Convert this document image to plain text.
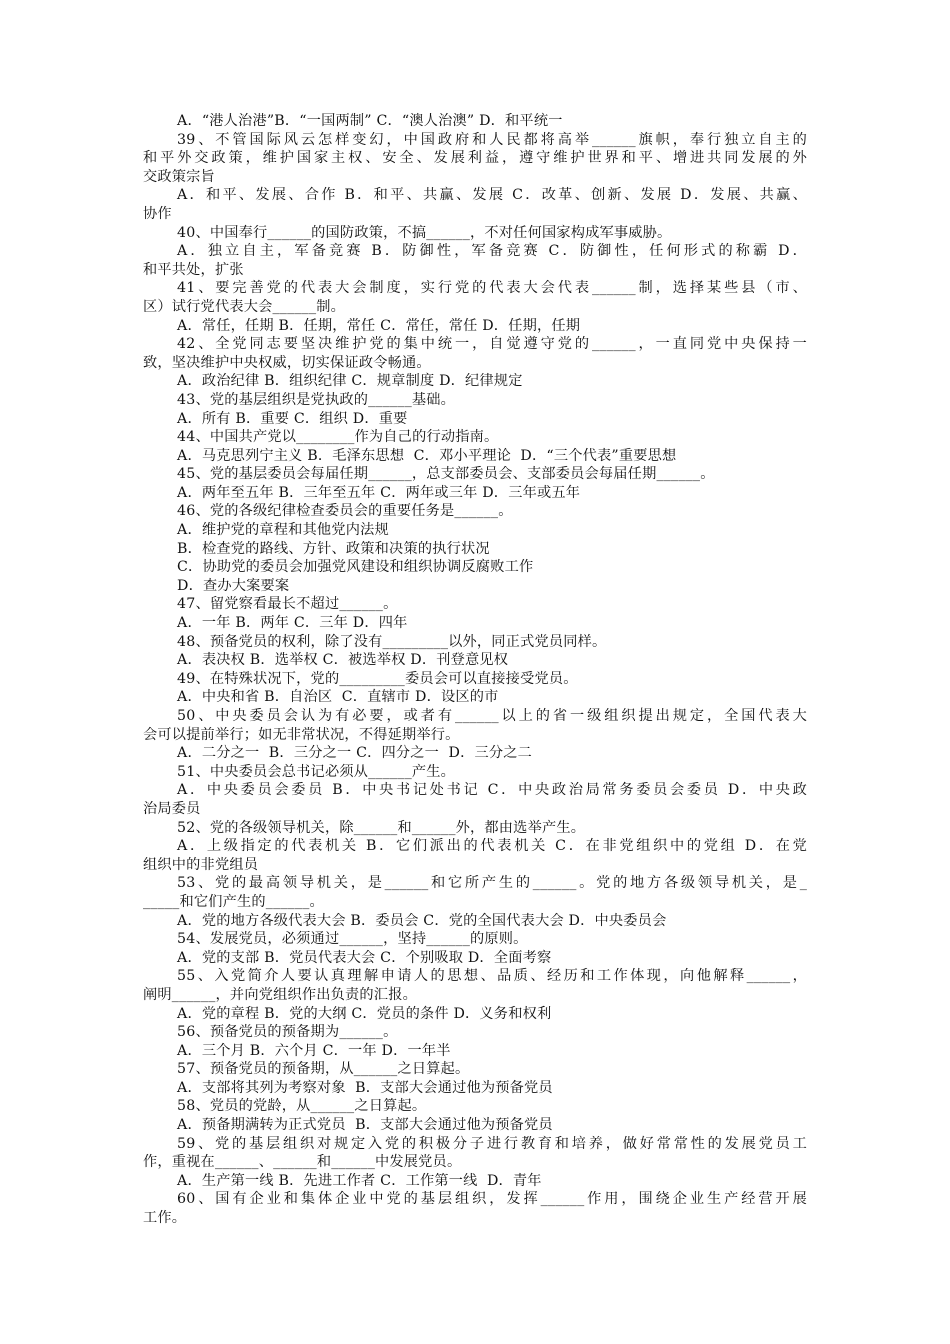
A．“港人治港”B．“一国两制” C．“澳人治澳” D．和平统一
39、不管国际风云怎样变幻，中国政府和人民都将高举______旗帜，奉行独立自主的
和平外交政策，维护国家主权、安全、发展利益，遵守维护世界和平、增进共同发展的外
交政策宗旨
A．和平、发展、合作 B．和平、共赢、发展 C．改革、创新、发展 D．发展、共赢、
协作
40、中国奉行______的国防政策，不搞______，不对任何国家构成军事威胁。
A．独立自主，军备竞赛 B．防御性，军备竞赛 C．防御性，任何形式的称霸 D．
和平共处，扩张
41、要完善党的代表大会制度，实行党的代表大会代表______制，选择某些县（市、
区）试行党代表大会______制。
A．常任，任期 B．任期，常任 C．常任，常任 D．任期，任期
42、全党同志要坚决维护党的集中统一，自觉遵守党的______，一直同党中央保持一
致，坚决维护中央权威，切实保证政令畅通。
A．政治纪律 B．组织纪律 C．规章制度 D．纪律规定
43、党的基层组织是党执政的______基础。
A．所有 B．重要 C．组织 D．重要
44、中国共产党以________作为自己的行动指南。
A．马克思列宁主义 B．毛泽东思想  C．邓小平理论  D．“三个代表”重要思想
45、党的基层委员会每届任期______，总支部委员会、支部委员会每届任期______。
A．两年至五年 B．三年至五年 C．两年或三年 D．三年或五年
46、党的各级纪律检查委员会的重要任务是______。
A．维护党的章程和其他党内法规
B．检查党的路线、方针、政策和决策的执行状况
C．协助党的委员会加强党风建设和组织协调反腐败工作
D．查办大案要案
47、留党察看最长不超过______。
A．一年 B．两年 C．三年 D．四年
48、预备党员的权利，除了没有_________以外，同正式党员同样。
A．表决权 B．选举权 C．被选举权 D．刊登意见权
49、在特殊状况下，党的_________委员会可以直接接受党员。
A．中央和省 B．自治区  C．直辖市 D．设区的市
50、中央委员会认为有必要，或者有______以上的省一级组织提出规定，全国代表大
会可以提前举行；如无非常状况，不得延期举行。
A．二分之一  B．三分之一 C．四分之一  D．三分之二
51、中央委员会总书记必须从______产生。
A．中央委员会委员 B．中央书记处书记 C．中央政治局常务委员会委员 D．中央政
治局委员
52、党的各级领导机关，除______和______外，都由选举产生。
A．上级指定的代表机关 B．它们派出的代表机关 C．在非党组织中的党组 D．在党
组织中的非党组员
53、党的最高领导机关，是______和它所产生的______。党的地方各级领导机关，是_
_____和它们产生的______。
A．党的地方各级代表大会 B．委员会 C．党的全国代表大会 D．中央委员会
54、发展党员，必须通过______，坚持______的原则。
A．党的支部 B．党员代表大会 C．个别吸取 D．全面考察
55、入党简介人要认真理解申请人的思想、品质、经历和工作体现，向他解释______，
阐明______，并向党组织作出负责的汇报。
A．党的章程 B．党的大纲 C．党员的条件 D．义务和权利
56、预备党员的预备期为______。
A．三个月 B．六个月 C．一年 D．一年半
57、预备党员的预备期，从______之日算起。
A．支部将其列为考察对象  B．支部大会通过他为预备党员
58、党员的党龄，从______之日算起。
A．预备期满转为正式党员  B．支部大会通过他为预备党员
59、党的基层组织对规定入党的积极分子进行教育和培养，做好常常性的发展党员工
作，重视在______、______和______中发展党员。
A．生产第一线 B．先进工作者 C．工作第一线  D．青年
60、国有企业和集体企业中党的基层组织，发挥______作用，围绕企业生产经营开展
工作。
